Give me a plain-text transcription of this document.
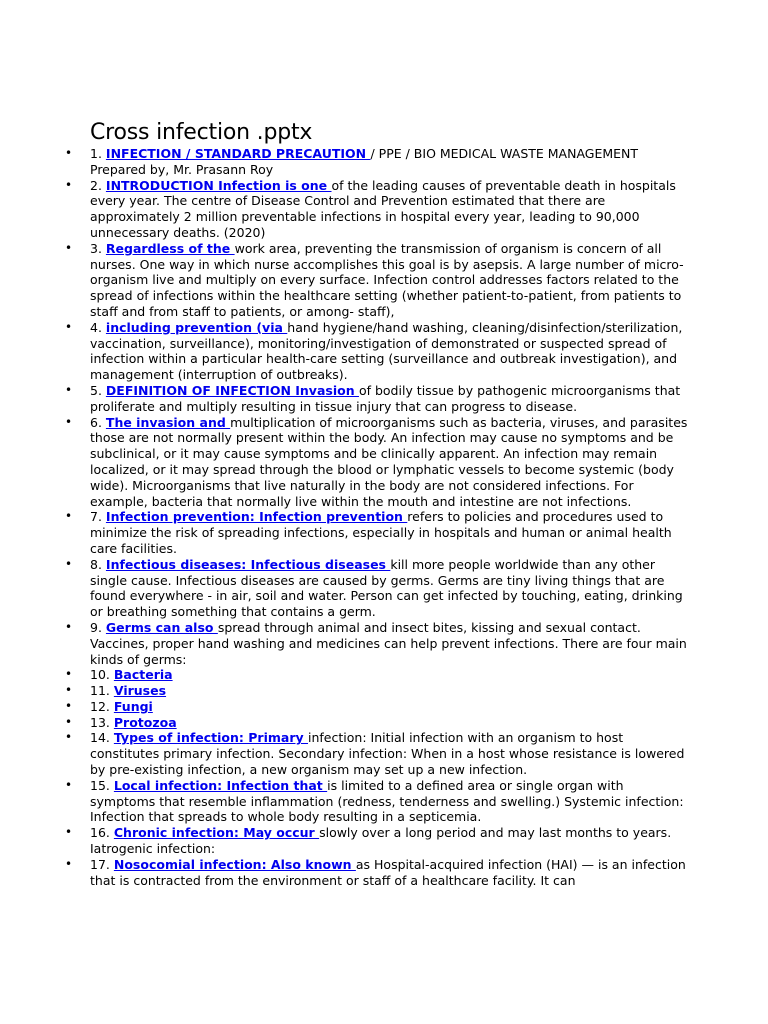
Cross infection .pptx
• 1. INFECTION / STANDARD PRECAUTION / PPE / BIO MEDICAL WASTE MANAGEMENT Prepared by, Mr. Prasann Roy
• 2. INTRODUCTION Infection is one of the leading causes of preventable death in hospitals every year. The centre of Disease Control and Prevention estimated that there are approximately 2 million preventable infections in hospital every year, leading to 90,000 unnecessary deaths. (2020)
• 3. Regardless of the work area, preventing the transmission of organism is concern of all nurses. One way in which nurse accomplishes this goal is by asepsis. A large number of micro-organism live and multiply on every surface. Infection control addresses factors related to the spread of infections within the healthcare setting (whether patient-to-patient, from patients to staff and from staff to patients, or among- staff),
• 4. including prevention (via hand hygiene/hand washing, cleaning/disinfection/sterilization, vaccination, surveillance), monitoring/investigation of demonstrated or suspected spread of infection within a particular health-care setting (surveillance and outbreak investigation), and management (interruption of outbreaks).
• 5. DEFINITION OF INFECTION Invasion of bodily tissue by pathogenic microorganisms that proliferate and multiply resulting in tissue injury that can progress to disease.
• 6. The invasion and multiplication of microorganisms such as bacteria, viruses, and parasites those are not normally present within the body. An infection may cause no symptoms and be subclinical, or it may cause symptoms and be clinically apparent. An infection may remain localized, or it may spread through the blood or lymphatic vessels to become systemic (body wide). Microorganisms that live naturally in the body are not considered infections. For example, bacteria that normally live within the mouth and intestine are not infections.
• 7. Infection prevention: Infection prevention refers to policies and procedures used to minimize the risk of spreading infections, especially in hospitals and human or animal health care facilities.
• 8. Infectious diseases: Infectious diseases kill more people worldwide than any other single cause. Infectious diseases are caused by germs. Germs are tiny living things that are found everywhere - in air, soil and water. Person can get infected by touching, eating, drinking or breathing something that contains a germ.
• 9. Germs can also spread through animal and insect bites, kissing and sexual contact. Vaccines, proper hand washing and medicines can help prevent infections. There are four main kinds of germs:
• 10. Bacteria
• 11. Viruses
• 12. Fungi
• 13. Protozoa
• 14. Types of infection: Primary infection: Initial infection with an organism to host constitutes primary infection. Secondary infection: When in a host whose resistance is lowered by pre-existing infection, a new organism may set up a new infection.
• 15. Local infection: Infection that is limited to a defined area or single organ with symptoms that resemble inflammation (redness, tenderness and swelling.) Systemic infection: Infection that spreads to whole body resulting in a septicemia.
• 16. Chronic infection: May occur slowly over a long period and may last months to years. Iatrogenic infection:
• 17. Nosocomial infection: Also known as Hospital-acquired infection (HAI) — is an infection that is contracted from the environment or staff of a healthcare facility. It can
